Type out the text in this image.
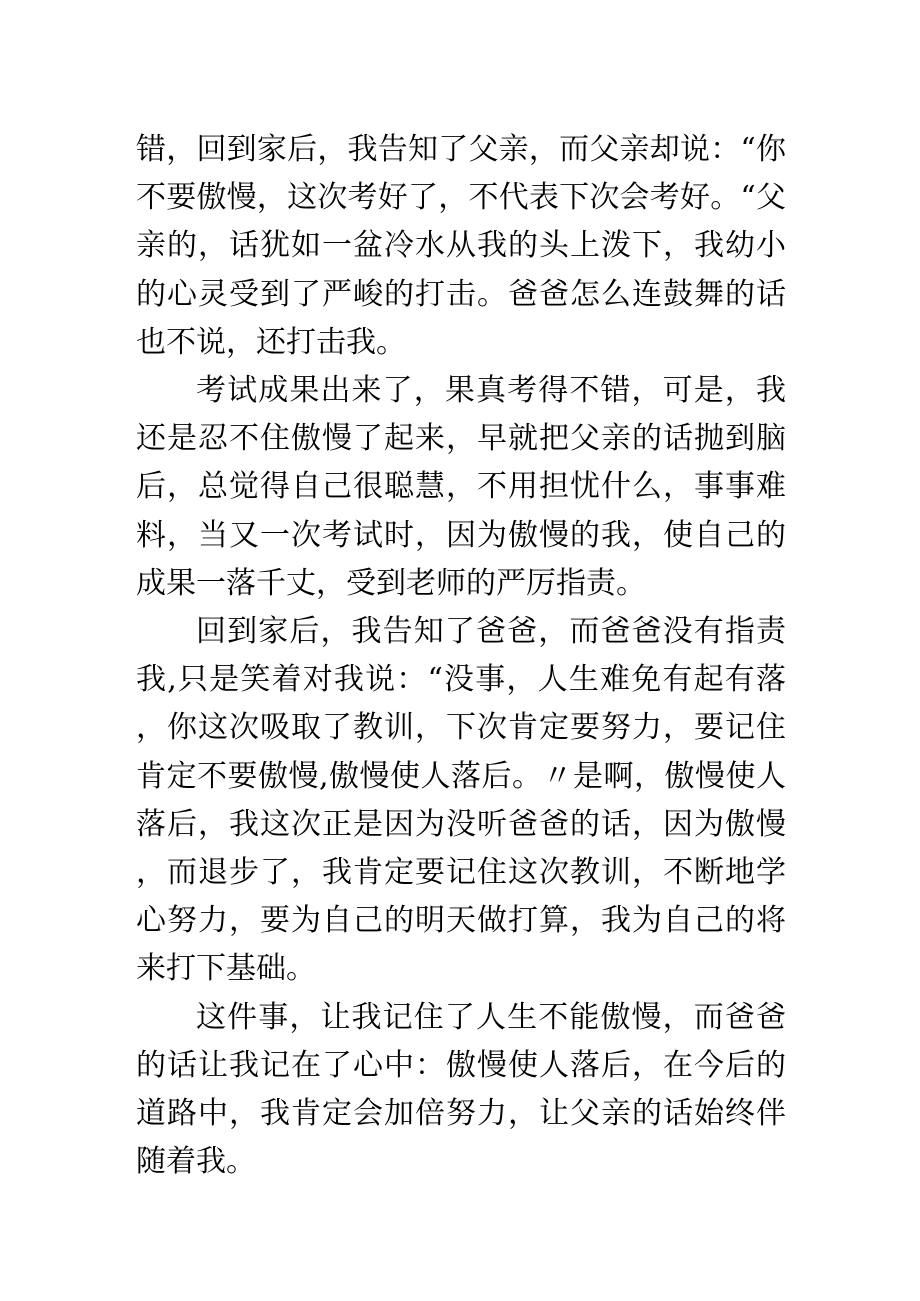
错，回到家后，我告知了父亲，而父亲却说：“你不要傲慢，这次考好了，不代表下次会考好。“父亲的，话犹如一盆冷水从我的头上泼下，我幼小的心灵受到了严峻的打击。爸爸怎么连鼓舞的话也不说，还打击我。

考试成果出来了，果真考得不错，可是，我还是忍不住傲慢了起来，早就把父亲的话抛到脑后，总觉得自己很聪慧，不用担忧什么，事事难料，当又一次考试时，因为傲慢的我，使自己的成果一落千丈，受到老师的严厉指责。

回到家后，我告知了爸爸，而爸爸没有指责我,只是笑着对我说：“没事，人生难免有起有落，你这次吸取了教训，下次肯定要努力，要记住肯定不要傲慢,傲慢使人落后。〃是啊，傲慢使人落后，我这次正是因为没听爸爸的话，因为傲慢，而退步了，我肯定要记住这次教训，不断地学心努力，要为自己的明天做打算，我为自己的将来打下基础。

这件事，让我记住了人生不能傲慢，而爸爸的话让我记在了心中：傲慢使人落后，在今后的道路中，我肯定会加倍努力，让父亲的话始终伴随着我。
